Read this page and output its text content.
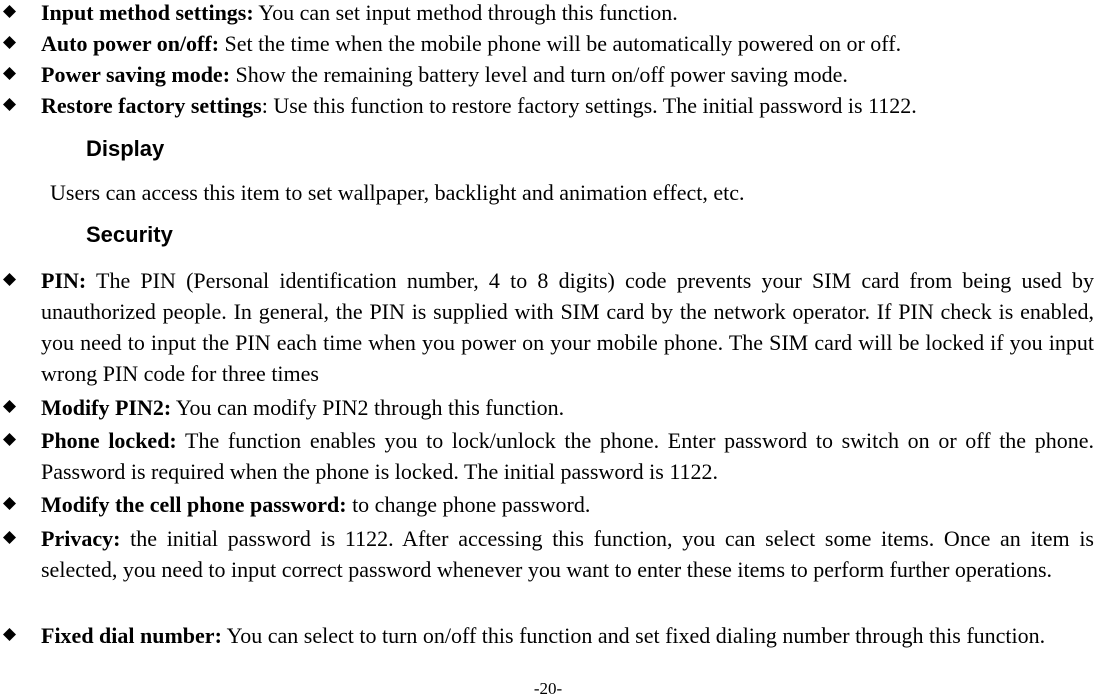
Input method settings: You can set input method through this function.
Auto power on/off: Set the time when the mobile phone will be automatically powered on or off.
Power saving mode: Show the remaining battery level and turn on/off power saving mode.
Restore factory settings: Use this function to restore factory settings. The initial password is 1122.
Display
Users can access this item to set wallpaper, backlight and animation effect, etc.
Security
PIN: The PIN (Personal identification number, 4 to 8 digits) code prevents your SIM card from being used by unauthorized people. In general, the PIN is supplied with SIM card by the network operator. If PIN check is enabled, you need to input the PIN each time when you power on your mobile phone. The SIM card will be locked if you input wrong PIN code for three times
Modify PIN2: You can modify PIN2 through this function.
Phone locked: The function enables you to lock/unlock the phone. Enter password to switch on or off the phone. Password is required when the phone is locked. The initial password is 1122.
Modify the cell phone password: to change phone password.
Privacy: the initial password is 1122. After accessing this function, you can select some items. Once an item is selected, you need to input correct password whenever you want to enter these items to perform further operations.
Fixed dial number: You can select to turn on/off this function and set fixed dialing number through this function.
-20-
